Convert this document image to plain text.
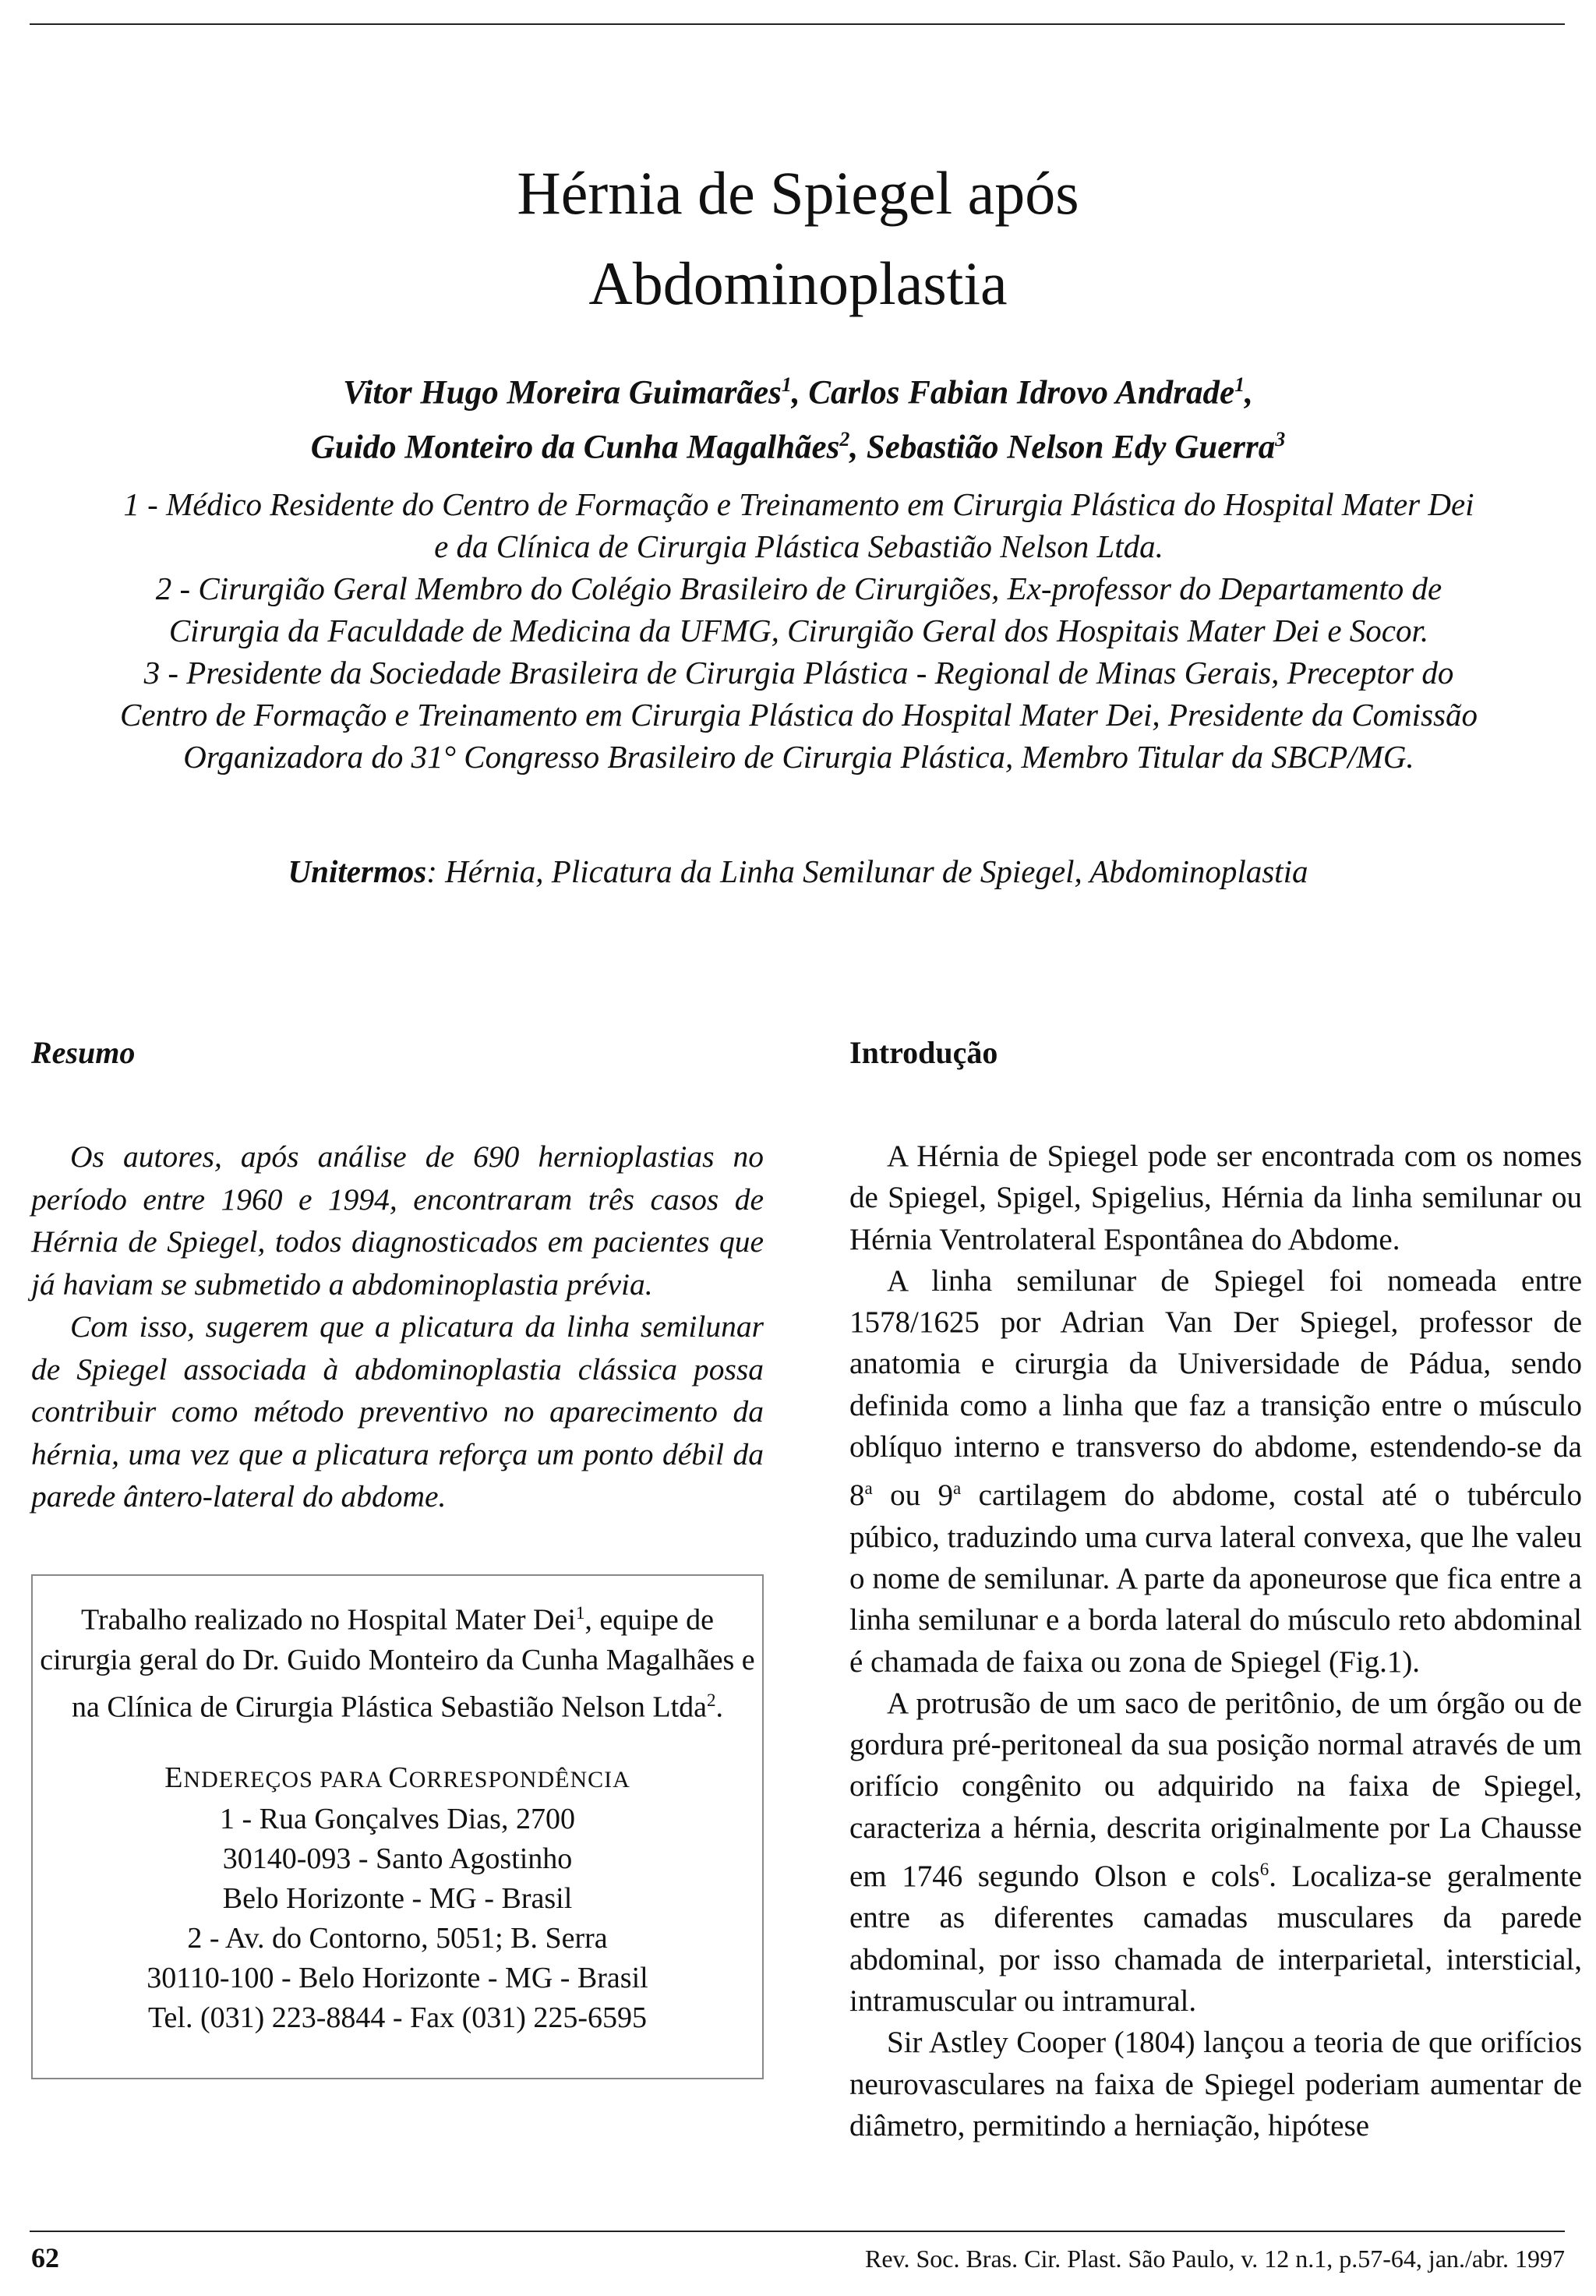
Hérnia de Spiegel após
Abdominoplastia
Vitor Hugo Moreira Guimarães$^1$, Carlos Fabian Idrovo Andrade$^1$,
Guido Monteiro da Cunha Magalhães$^2$, Sebastião Nelson Edy Guerra$^3$

1 - Médico Residente do Centro de Formação e Treinamento em Cirurgia Plástica do Hospital Mater Dei e da Clínica de Cirurgia Plástica Sebastião Nelson Ltda.

2 - Cirurgião Geral Membro do Colégio Brasileiro de Cirurgiões, Ex-professor do Departamento de Cirurgia da Faculdade de Medicina da UFMG, Cirurgião Geral dos Hospitais Mater Dei e Socor.

3 - Presidente da Sociedade Brasileira de Cirurgia Plástica - Regional de Minas Gerais, Preceptor do Centro de Formação e Treinamento em Cirurgia Plástica do Hospital Mater Dei, Presidente da Comissão Organizadora do 31° Congresso Brasileiro de Cirurgia Plástica, Membro Titular da SBCP/MG.

Unitermos: Hérnia, Plicatura da Linha Semilunar de Spiegel, Abdominoplastia
Resumo

Os autores, após análise de 690 hernioplastias no período entre 1960 e 1994, encontraram três casos de Hérnia de Spiegel, todos diagnosticados em pacientes que já haviam se submetido a abdominoplastia prévia.

Com isso, sugerem que a plicatura da linha semilunar de Spiegel associada à abdominoplastia clássica possa contribuir como método preventivo no aparecimento da hérnia, uma vez que a plicatura reforça um ponto débil da parede ântero-lateral do abdome.

Trabalho realizado no Hospital Mater Dei$^1$, equipe de cirurgia geral do Dr. Guido Monteiro da Cunha Magalhães e na Clínica de Cirurgia Plástica Sebastião Nelson Ltda$^2$.

ENDEREÇOS PARA CORRESPONDÊNCIA

1 - Rua Gonçalves Dias, 2700

30140-093 - Santo Agostinho

Belo Horizonte - MG - Brasil

2 - Av. do Contorno, 5051; B. Serra

30110-100 - Belo Horizonte - MG - Brasil

Tel. (031) 223-8844 - Fax (031) 225-6595

Introdução

A Hérnia de Spiegel pode ser encontrada com os nomes de Spiegel, Spigel, Spigelius, Hérnia da linha semilunar ou Hérnia Ventrolateral Espontânea do Abdome.

A linha semilunar de Spiegel foi nomeada entre 1578/1625 por Adrian Van Der Spiegel, professor de anatomia e cirurgia da Universidade de Pádua, sendo definida como a linha que faz a transição entre o músculo oblíquo interno e transverso do abdome, estendendo-se da 8$^a$ ou 9$^a$ cartilagem do abdome, costal até o tubérculo púbico, traduzindo uma curva lateral convexa, que lhe valeu o nome de semilunar. A parte da aponeurose que fica entre a linha semilunar e a borda lateral do músculo reto abdominal é chamada de faixa ou zona de Spiegel (Fig.1).

A protrusão de um saco de peritônio, de um órgão ou de gordura pré-peritoneal da sua posição normal através de um orifício congênito ou adquirido na faixa de Spiegel, caracteriza a hérnia, descrita originalmente por La Chausse em 1746 segundo Olson e cols$^6$. Localiza-se geralmente entre as diferentes camadas musculares da parede abdominal, por isso chamada de interparietal, intersticial, intramuscular ou intramural.

Sir Astley Cooper (1804) lançou a teoria de que orifícios neurovasculares na faixa de Spiegel poderiam aumentar de diâmetro, permitindo a herniação, hipótese

62	Rev. Soc. Bras. Cir. Plast. São Paulo, v. 12 n.1, p.57-64, jan./abr. 1997
